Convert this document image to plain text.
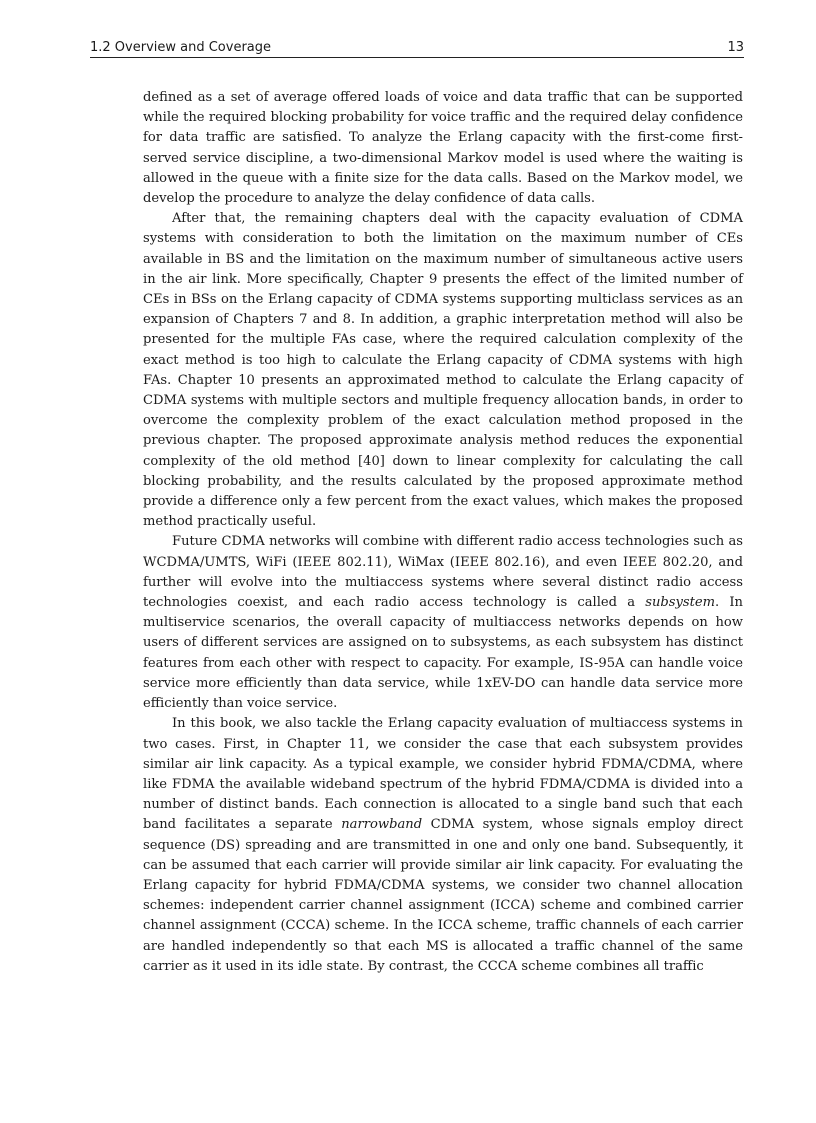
1.2 Overview and Coverage	13

defined as a set of average offered loads of voice and data traffic that can be supported while the required blocking probability for voice traffic and the required delay confidence for data traffic are satisfied. To analyze the Erlang capacity with the first-come first-served service discipline, a two-dimensional Markov model is used where the waiting is allowed in the queue with a finite size for the data calls. Based on the Markov model, we develop the procedure to analyze the delay confidence of data calls.

After that, the remaining chapters deal with the capacity evaluation of CDMA systems with consideration to both the limitation on the maximum number of CEs available in BS and the limitation on the maximum number of simultaneous active users in the air link. More specifically, Chapter 9 presents the effect of the limited number of CEs in BSs on the Erlang capacity of CDMA systems supporting multiclass services as an expansion of Chapters 7 and 8. In addition, a graphic interpretation method will also be presented for the multiple FAs case, where the required calculation complexity of the exact method is too high to calculate the Erlang capacity of CDMA systems with high FAs. Chapter 10 presents an approximated method to calculate the Erlang capacity of CDMA systems with multiple sectors and multiple frequency allocation bands, in order to overcome the complexity problem of the exact calculation method proposed in the previous chapter. The proposed approximate analysis method reduces the exponential complexity of the old method [40] down to linear complexity for calculating the call blocking probability, and the results calculated by the proposed approximate method provide a difference only a few percent from the exact values, which makes the proposed method practically useful.

Future CDMA networks will combine with different radio access technologies such as WCDMA/UMTS, WiFi (IEEE 802.11), WiMax (IEEE 802.16), and even IEEE 802.20, and further will evolve into the multiaccess systems where several distinct radio access technologies coexist, and each radio access technology is called a subsystem. In multiservice scenarios, the overall capacity of multiaccess networks depends on how users of different services are assigned on to subsystems, as each subsystem has distinct features from each other with respect to capacity. For example, IS-95A can handle voice service more efficiently than data service, while 1xEV-DO can handle data service more efficiently than voice service.

In this book, we also tackle the Erlang capacity evaluation of multiaccess systems in two cases. First, in Chapter 11, we consider the case that each subsystem provides similar air link capacity. As a typical example, we consider hybrid FDMA/CDMA, where like FDMA the available wideband spectrum of the hybrid FDMA/CDMA is divided into a number of distinct bands. Each connection is allocated to a single band such that each band facilitates a separate narrowband CDMA system, whose signals employ direct sequence (DS) spreading and are transmitted in one and only one band. Subsequently, it can be assumed that each carrier will provide similar air link capacity. For evaluating the Erlang capacity for hybrid FDMA/CDMA systems, we consider two channel allocation schemes: independent carrier channel assignment (ICCA) scheme and combined carrier channel assignment (CCCA) scheme. In the ICCA scheme, traffic channels of each carrier are handled independently so that each MS is allocated a traffic channel of the same carrier as it used in its idle state. By contrast, the CCCA scheme combines all traffic
